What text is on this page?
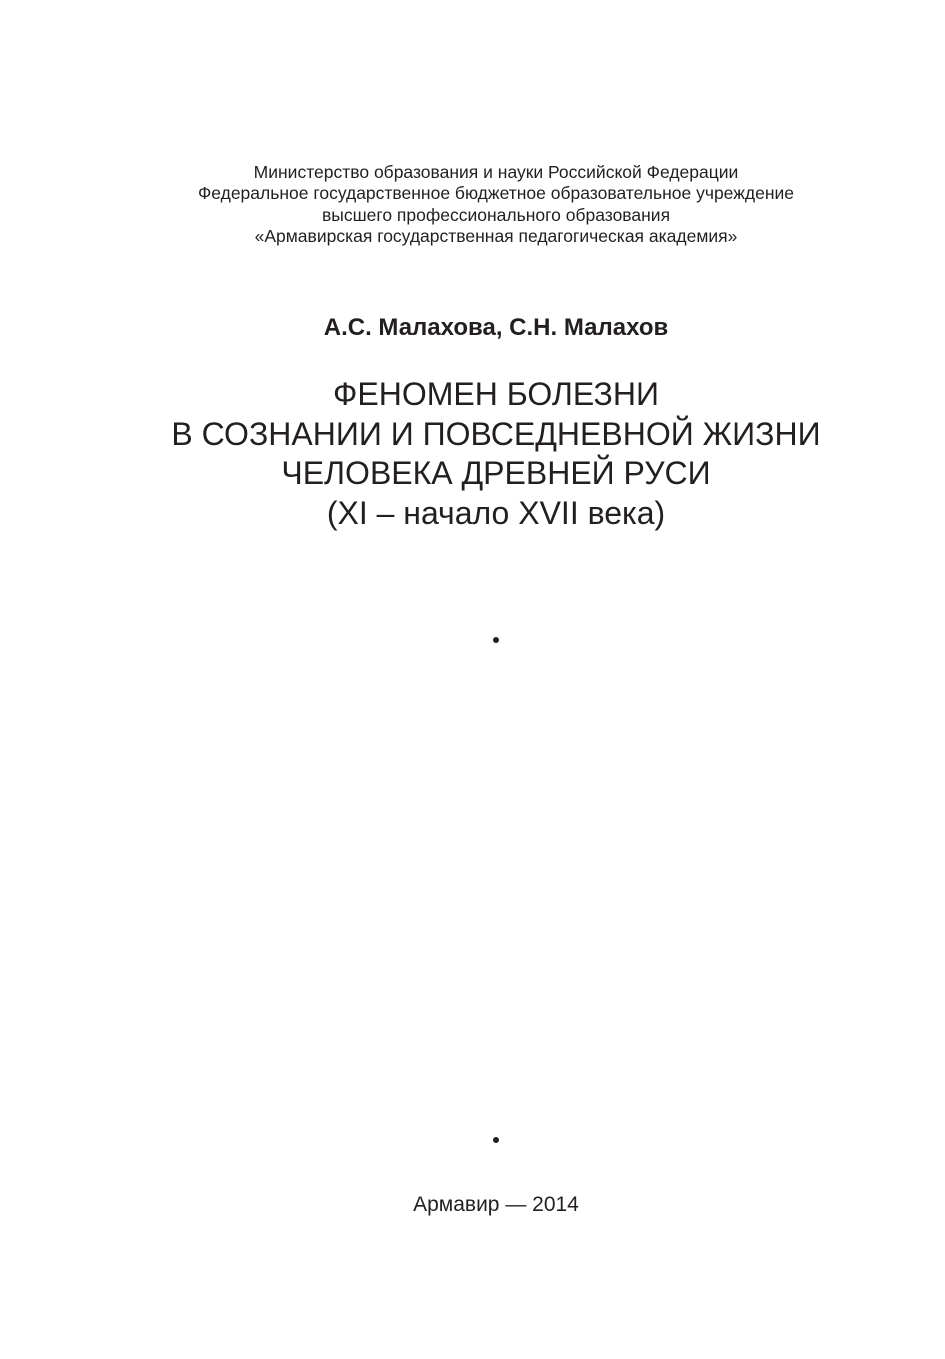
Министерство образования и науки Российской Федерации
Федеральное государственное бюджетное образовательное учреждение
высшего профессионального образования
«Армавирская государственная педагогическая академия»
А.С. Малахова, С.Н. Малахов
ФЕНОМЕН БОЛЕЗНИ
В СОЗНАНИИ И ПОВСЕДНЕВНОЙ ЖИЗНИ
ЧЕЛОВЕКА ДРЕВНЕЙ РУСИ
(XI – начало XVII века)
Армавир — 2014
